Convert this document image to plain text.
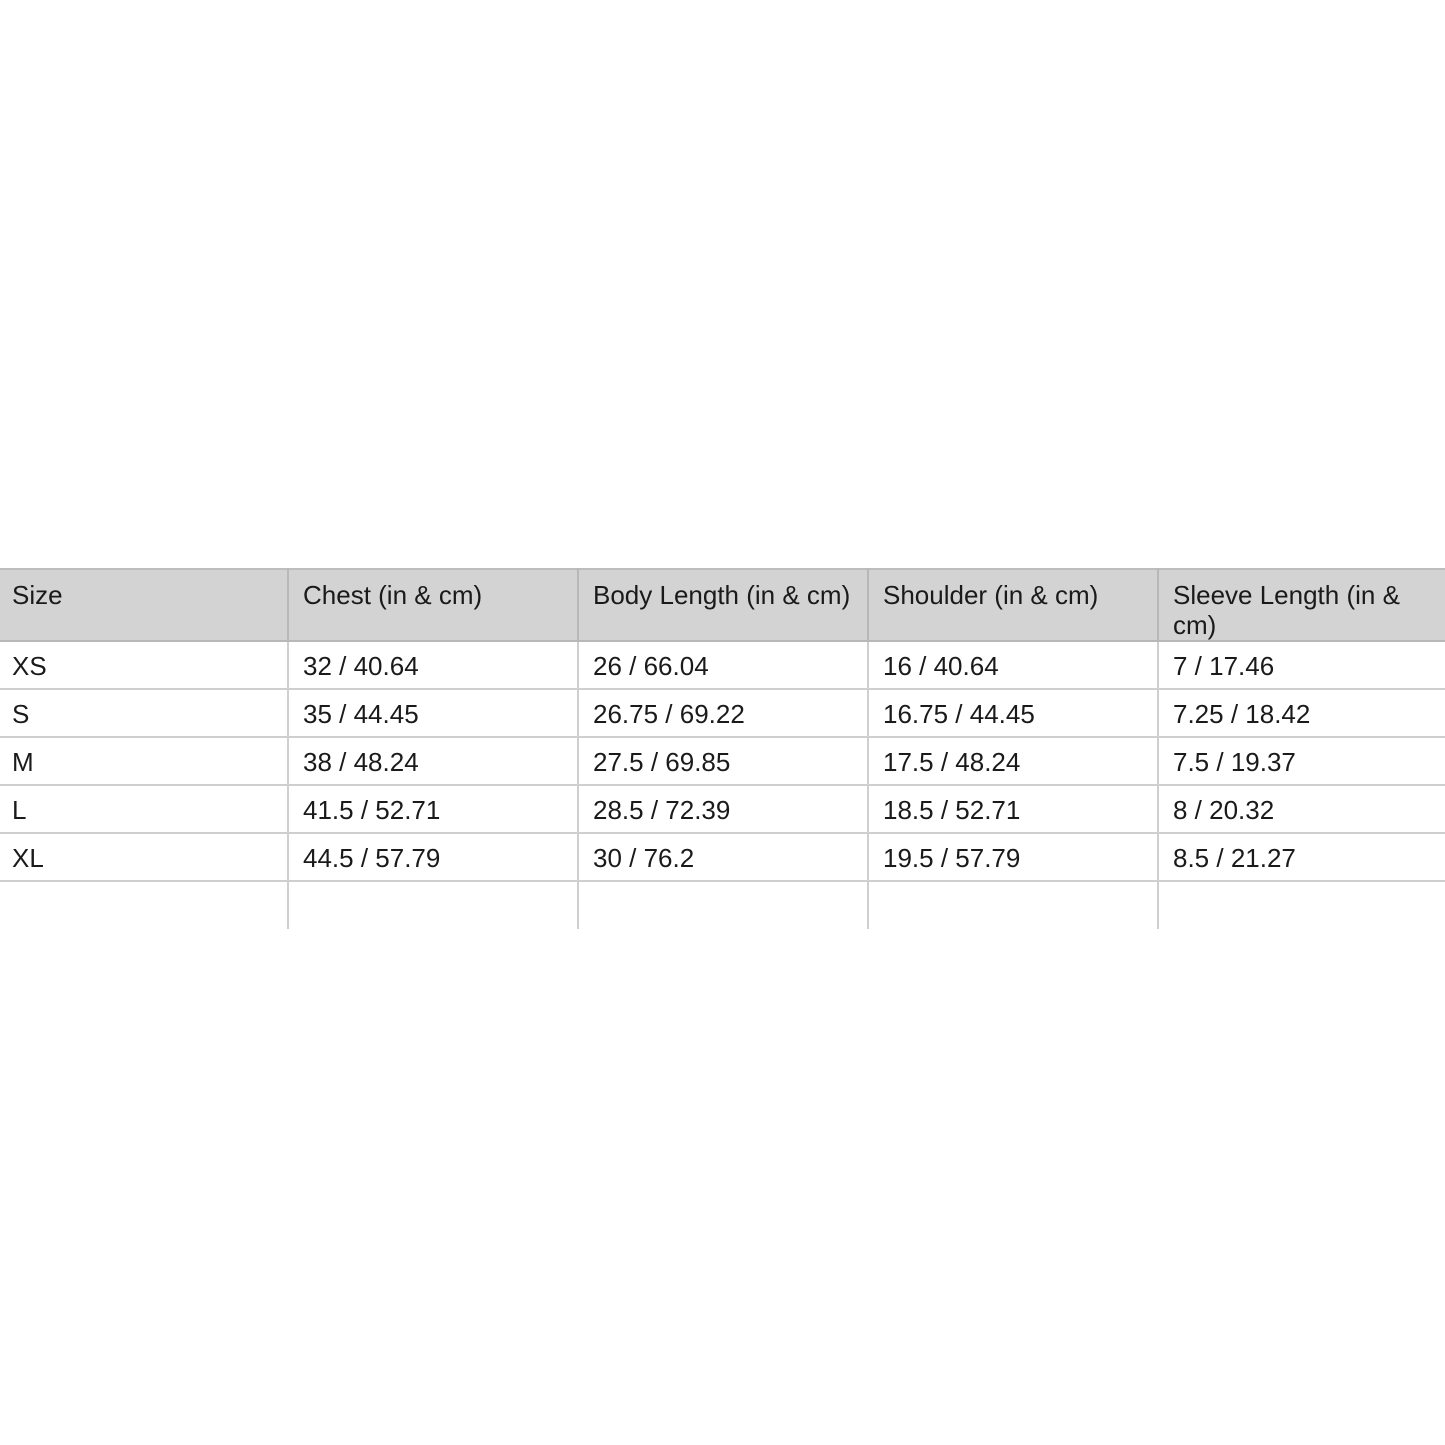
Size	Chest (in & cm)	Body Length (in & cm)	Shoulder (in & cm)	Sleeve Length (in & cm)
XS	32 / 40.64	26 / 66.04	16 / 40.64	7 / 17.46
S	35 / 44.45	26.75 / 69.22	16.75 / 44.45	7.25 / 18.42
M	38 / 48.24	27.5 / 69.85	17.5 / 48.24	7.5 / 19.37
L	41.5 / 52.71	28.5 / 72.39	18.5 / 52.71	8 / 20.32
XL	44.5 / 57.79	30 / 76.2	19.5 / 57.79	8.5 / 21.27
